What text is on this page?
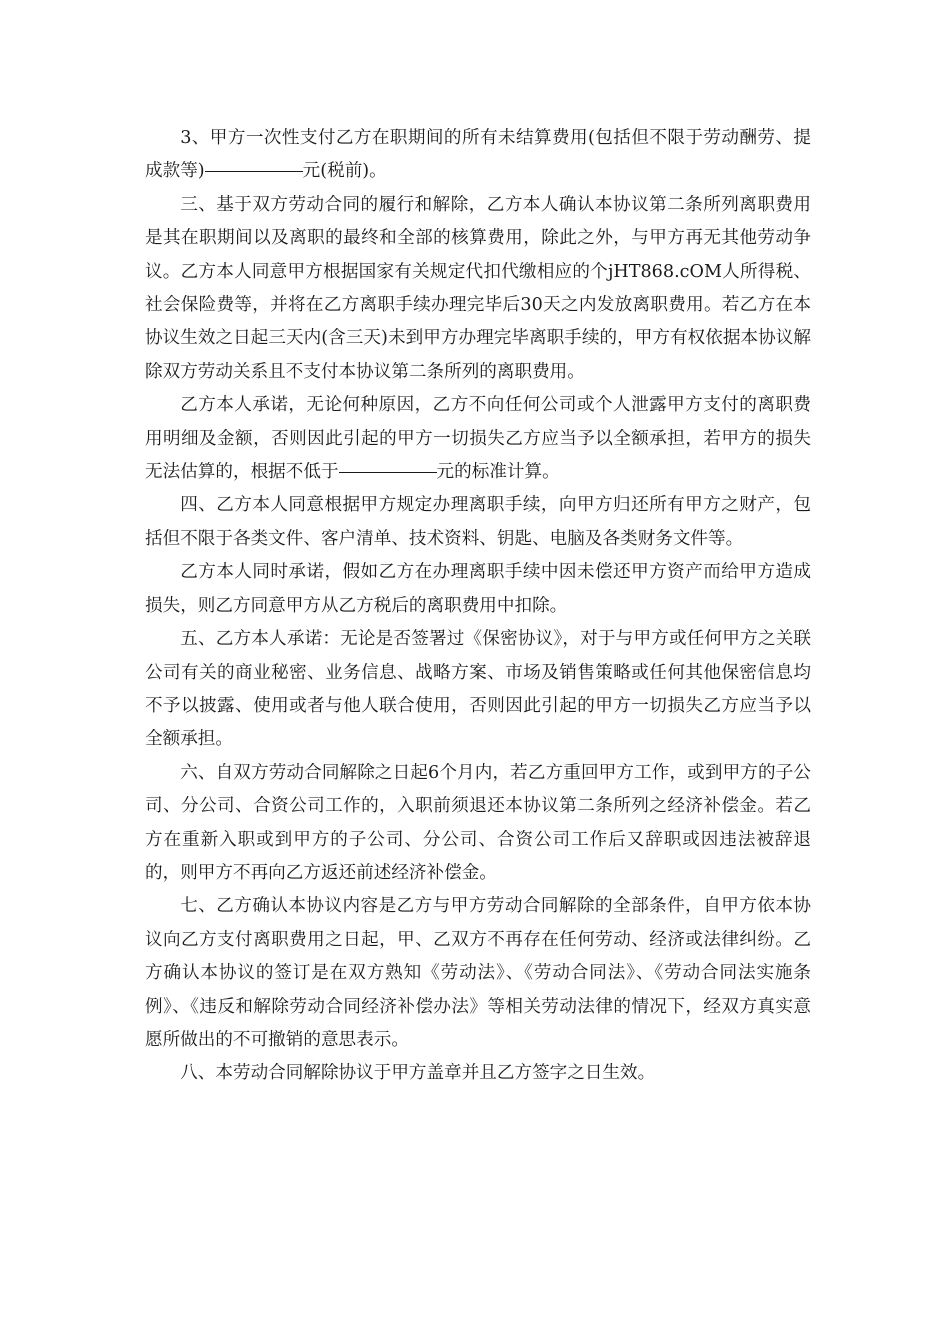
3、甲方一次性支付乙方在职期间的所有未结算费用(包括但不限于劳动酬劳、提成款等)	元(税前)。

三、基于双方劳动合同的履行和解除，乙方本人确认本协议第二条所列离职费用是其在职期间以及离职的最终和全部的核算费用，除此之外，与甲方再无其他劳动争议。乙方本人同意甲方根据国家有关规定代扣代缴相应的个jHT868.cOM人所得税、社会保险费等，并将在乙方离职手续办理完毕后30天之内发放离职费用。若乙方在本协议生效之日起三天内(含三天)未到甲方办理完毕离职手续的，甲方有权依据本协议解除双方劳动关系且不支付本协议第二条所列的离职费用。

乙方本人承诺，无论何种原因，乙方不向任何公司或个人泄露甲方支付的离职费用明细及金额，否则因此引起的甲方一切损失乙方应当予以全额承担，若甲方的损失无法估算的，根据不低于	元的标准计算。

四、乙方本人同意根据甲方规定办理离职手续，向甲方归还所有甲方之财产，包括但不限于各类文件、客户清单、技术资料、钥匙、电脑及各类财务文件等。

乙方本人同时承诺，假如乙方在办理离职手续中因未偿还甲方资产而给甲方造成损失，则乙方同意甲方从乙方税后的离职费用中扣除。

五、乙方本人承诺：无论是否签署过《保密协议》，对于与甲方或任何甲方之关联公司有关的商业秘密、业务信息、战略方案、市场及销售策略或任何其他保密信息均不予以披露、使用或者与他人联合使用，否则因此引起的甲方一切损失乙方应当予以全额承担。

六、自双方劳动合同解除之日起6个月内，若乙方重回甲方工作，或到甲方的子公司、分公司、合资公司工作的，入职前须退还本协议第二条所列之经济补偿金。若乙方在重新入职或到甲方的子公司、分公司、合资公司工作后又辞职或因违法被辞退的，则甲方不再向乙方返还前述经济补偿金。

七、乙方确认本协议内容是乙方与甲方劳动合同解除的全部条件，自甲方依本协议向乙方支付离职费用之日起，甲、乙双方不再存在任何劳动、经济或法律纠纷。乙方确认本协议的签订是在双方熟知《劳动法》、《劳动合同法》、《劳动合同法实施条例》、《违反和解除劳动合同经济补偿办法》等相关劳动法律的情况下，经双方真实意愿所做出的不可撤销的意思表示。

八、本劳动合同解除协议于甲方盖章并且乙方签字之日生效。
